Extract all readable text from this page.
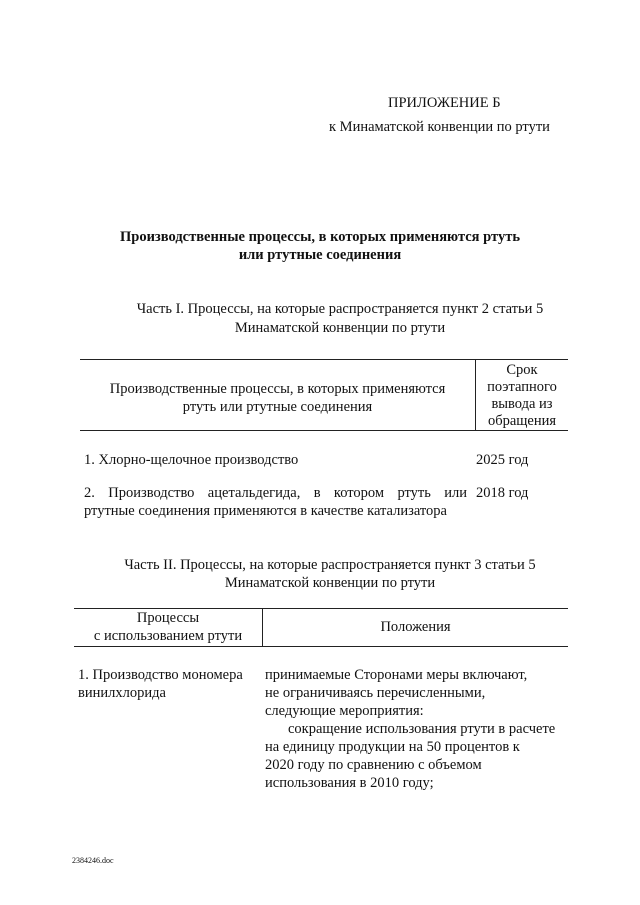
ПРИЛОЖЕНИЕ Б
к Минаматской конвенции по ртути
Производственные процессы, в которых применяются ртуть
или ртутные соединения
Часть I. Процессы, на которые распространяется пункт 2 статьи 5
Минаматской конвенции по ртути
Производственные процессы, в которых применяются
ртуть или ртутные соединения
Срок
поэтапного
вывода из
обращения
1. Хлорно-щелочное производство	2025 год
2. Производство ацетальдегида, в котором ртуть или
ртутные соединения применяются в качестве катализатора
2018 год
Часть II. Процессы, на которые распространяется пункт 3 статьи 5
Минаматской конвенции по ртути
Процессы
с использованием ртути
Положения
1. Производство мономера
винилхлорида
принимаемые Сторонами меры включают,
не ограничиваясь перечисленными,
следующие мероприятия:
сокращение использования ртути в расчете
на единицу продукции на 50 процентов к
2020 году по сравнению с объемом
использования в 2010 году;
2384246.doc
